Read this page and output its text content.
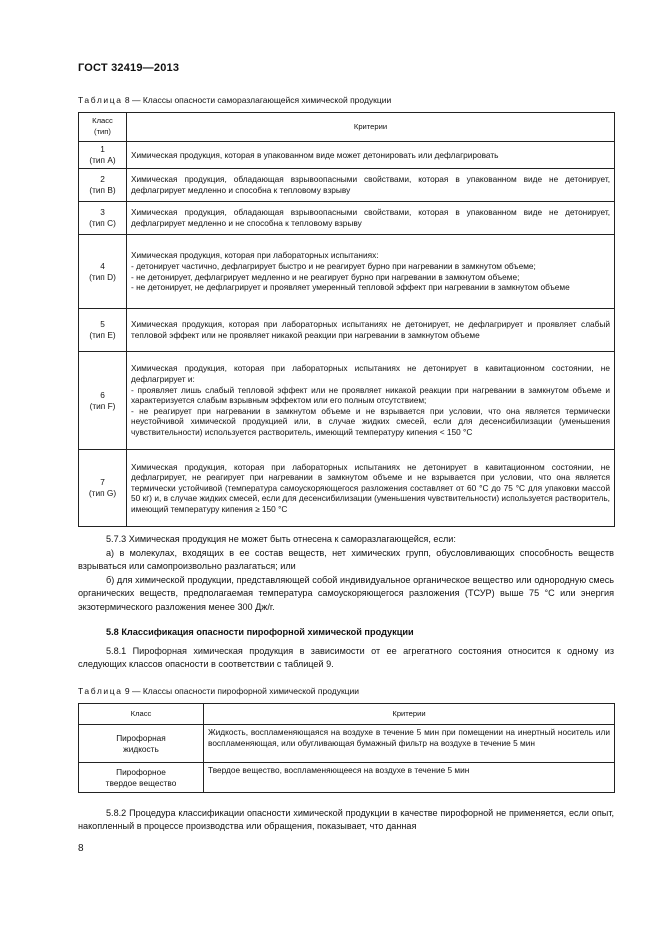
ГОСТ 32419—2013
Таблица 8 — Классы опасности саморазлагающейся химической продукции
Класс
(тип)	Критерии
1
(тип А)	Химическая продукция, которая в упакованном виде может детонировать или дефлагрировать

2
(тип В)	Химическая продукция, обладающая взрывоопасными свойствами, которая в упакованном виде не детонирует, дефлагрирует медленно и способна к тепловому взрыву

3
(тип С)	Химическая продукция, обладающая взрывоопасными свойствами, которая в упакованном виде не детонирует, дефлагрирует медленно и не способна к тепловому взрыву

4
(тип D)	Химическая продукция, которая при лабораторных испытаниях:
- детонирует частично, дефлагрирует быстро и не реагирует бурно при нагревании в замкнутом объеме;
- не детонирует, дефлагрирует медленно и не реагирует бурно при нагревании в замкнутом объеме;
- не детонирует, не дефлагрирует и проявляет умеренный тепловой эффект при нагревании в замкнутом объеме

5
(тип E)	Химическая продукция, которая при лабораторных испытаниях не детонирует, не дефлагрирует и проявляет слабый тепловой эффект или не проявляет никакой реакции при нагревании в замкнутом объеме

6
(тип F)	Химическая продукция, которая при лабораторных испытаниях не детонирует в кавитационном состоянии, не дефлагрирует и:
- проявляет лишь слабый тепловой эффект или не проявляет никакой реакции при нагревании в замкнутом объеме и характеризуется слабым взрывным эффектом или его полным отсутствием;
- не реагирует при нагревании в замкнутом объеме и не взрывается при условии, что она является термически неустойчивой химической продукцией или, в случае жидких смесей, если для десенсибилизации (уменьшения чувствительности) используется растворитель, имеющий температуру кипения < 150 °С

7
(тип G)	Химическая продукция, которая при лабораторных испытаниях не детонирует в кавитационном состоянии, не дефлагрирует, не реагирует при нагревании в замкнутом объеме и не взрывается при условии, что она является термически устойчивой (температура самоускоряющегося разложения составляет от 60 °С до 75 °С для упаковки массой 50 кг) и, в случае жидких смесей, если для десенсибилизации (уменьшения чувствительности) используется растворитель, имеющий температуру кипения ≥ 150 °С
5.7.3 Химическая продукция не может быть отнесена к саморазлагающейся, если:
а) в молекулах, входящих в ее состав веществ, нет химических групп, обусловливающих способность веществ взрываться или самопроизвольно разлагаться; или
б) для химической продукции, представляющей собой индивидуальное органическое вещество или однородную смесь органических веществ, предполагаемая температура самоускоряющегося разложения (ТСУР) выше 75 °С или энергия экзотермического разложения менее 300 Дж/г.
5.8 Классификация опасности пирофорной химической продукции
5.8.1 Пирофорная химическая продукция в зависимости от ее агрегатного состояния относится к одному из следующих классов опасности в соответствии с таблицей 9.
Таблица 9 — Классы опасности пирофорной химической продукции
Класс	Критерии
Пирофорная
жидкость	Жидкость, воспламеняющаяся на воздухе в течение 5 мин при помещении на инертный носитель или воспламеняющая, или обугливающая бумажный фильтр на воздухе в течение 5 мин

Пирофорное
твердое вещество	Твердое вещество, воспламеняющееся на воздухе в течение 5 мин
5.8.2 Процедура классификации опасности химической продукции в качестве пирофорной не применяется, если опыт, накопленный в процессе производства или обращения, показывает, что данная
8
